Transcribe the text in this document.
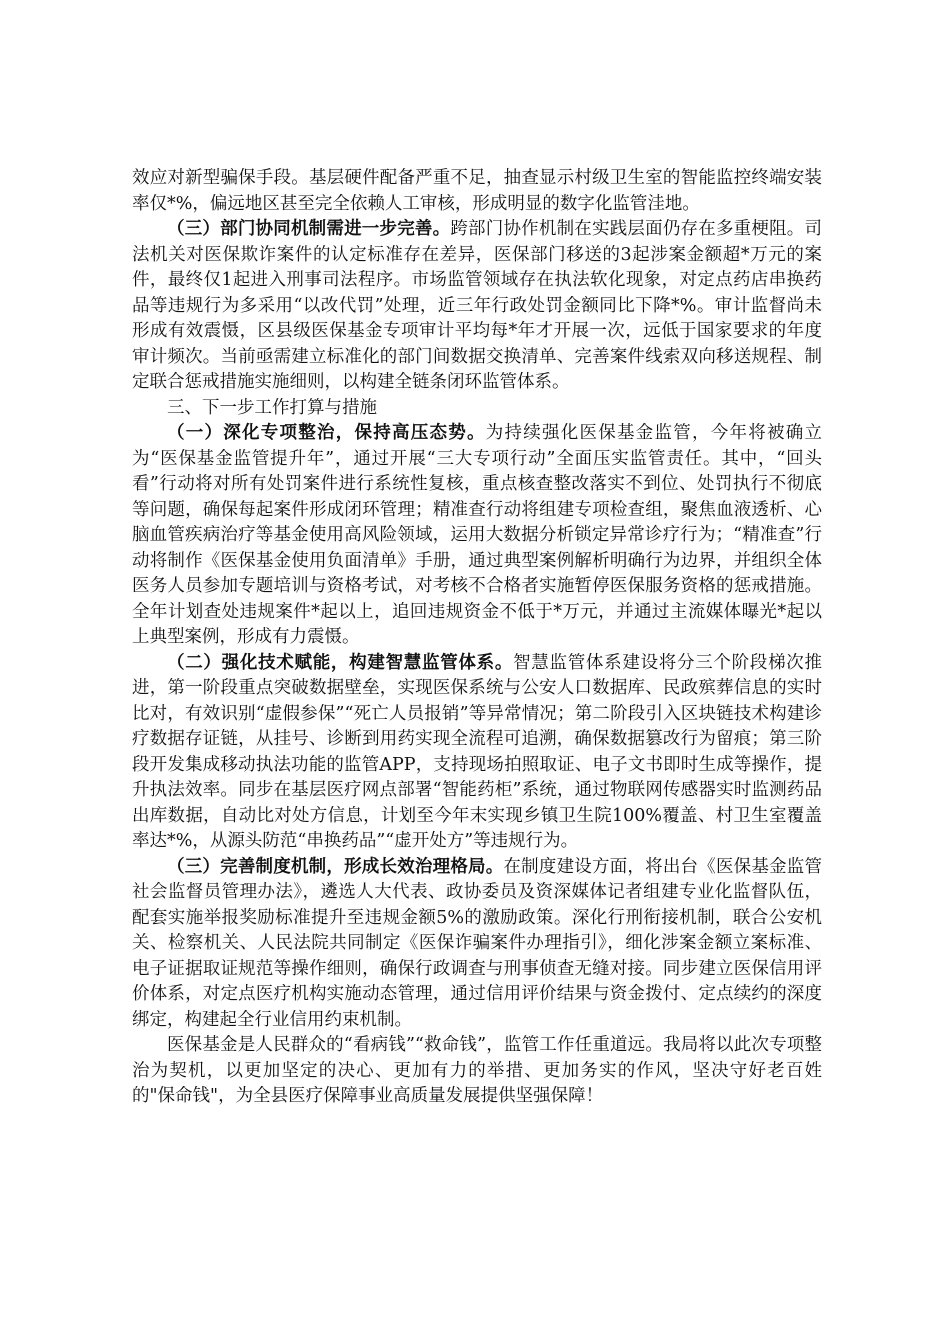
效应对新型骗保手段。基层硬件配备严重不足，抽查显示村级卫生室的智能监控终端安装率仅*%，偏远地区甚至完全依赖人工审核，形成明显的数字化监管洼地。

（三）部门协同机制需进一步完善。跨部门协作机制在实践层面仍存在多重梗阻。司法机关对医保欺诈案件的认定标准存在差异，医保部门移送的3起涉案金额超*万元的案件，最终仅1起进入刑事司法程序。市场监管领域存在执法软化现象，对定点药店串换药品等违规行为多采用“以改代罚”处理，近三年行政处罚金额同比下降*%。审计监督尚未形成有效震慑，区县级医保基金专项审计平均每*年才开展一次，远低于国家要求的年度审计频次。当前亟需建立标准化的部门间数据交换清单、完善案件线索双向移送规程、制定联合惩戒措施实施细则，以构建全链条闭环监管体系。

三、下一步工作打算与措施

（一）深化专项整治，保持高压态势。为持续强化医保基金监管，今年将被确立为“医保基金监管提升年”，通过开展“三大专项行动”全面压实监管责任。其中，“回头看”行动将对所有处罚案件进行系统性复核，重点核查整改落实不到位、处罚执行不彻底等问题，确保每起案件形成闭环管理；精准查行动将组建专项检查组，聚焦血液透析、心脑血管疾病治疗等基金使用高风险领域，运用大数据分析锁定异常诊疗行为；“精准查”行动将制作《医保基金使用负面清单》手册，通过典型案例解析明确行为边界，并组织全体医务人员参加专题培训与资格考试，对考核不合格者实施暂停医保服务资格的惩戒措施。全年计划查处违规案件*起以上，追回违规资金不低于*万元，并通过主流媒体曝光*起以上典型案例，形成有力震慑。

（二）强化技术赋能，构建智慧监管体系。智慧监管体系建设将分三个阶段梯次推进，第一阶段重点突破数据壁垒，实现医保系统与公安人口数据库、民政殡葬信息的实时比对，有效识别“虚假参保”“死亡人员报销”等异常情况；第二阶段引入区块链技术构建诊疗数据存证链，从挂号、诊断到用药实现全流程可追溯，确保数据篡改行为留痕；第三阶段开发集成移动执法功能的监管APP，支持现场拍照取证、电子文书即时生成等操作，提升执法效率。同步在基层医疗网点部署“智能药柜”系统，通过物联网传感器实时监测药品出库数据，自动比对处方信息，计划至今年末实现乡镇卫生院100%覆盖、村卫生室覆盖率达*%，从源头防范“串换药品”“虚开处方”等违规行为。

（三）完善制度机制，形成长效治理格局。在制度建设方面，将出台《医保基金监管社会监督员管理办法》，遴选人大代表、政协委员及资深媒体记者组建专业化监督队伍，配套实施举报奖励标准提升至违规金额5%的激励政策。深化行刑衔接机制，联合公安机关、检察机关、人民法院共同制定《医保诈骗案件办理指引》，细化涉案金额立案标准、电子证据取证规范等操作细则，确保行政调查与刑事侦查无缝对接。同步建立医保信用评价体系，对定点医疗机构实施动态管理，通过信用评价结果与资金拨付、定点续约的深度绑定，构建起全行业信用约束机制。

医保基金是人民群众的“看病钱”“救命钱”，监管工作任重道远。我局将以此次专项整治为契机，以更加坚定的决心、更加有力的举措、更加务实的作风，坚决守好老百姓的"保命钱"，为全县医疗保障事业高质量发展提供坚强保障！
